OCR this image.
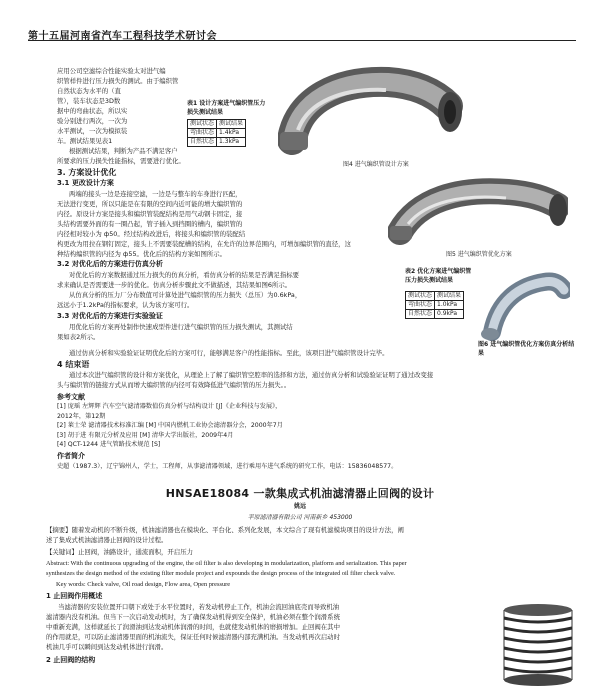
第十五届河南省汽车工程科技学术研讨会
应用公司空滤综合性能实验太对进气编
织管样件进行压力损失的测试。由于编织管
自然状态为水平的（直
管），装车状态是3D数
据中的弯曲状态，所以实
验分别进行两次，一次为
水平测试，一次为模拟装
车。测试结果见表1
根据测试结果，判断为产品不满足客户
所要求的压力损失性能指标，需要进行优化。
表1 设计方案进气编织管压力损失测试结果
测试状态	测试结果
弯曲状态	1.4kPa
自然状态	1.3kPa
图4 进气编织管设计方案
3. 方案设计优化
3.1 更改设计方案
两端的接头一边是连接空滤，一边是与整车的车身进行匹配，
无法进行变更，所以只能是在有限的空间内近可能的增大编织管的
内径。原设计方案是接头和编织管装配结构是用气动钢卡固定，接
头结构需要外面的有一圈凸起，管子插入到挡圈的槽内，编织管的
内径相对较小为 ф50。经过结构改进后，将接头和编织管的装配结
构更改为用拉在钢钉固定，接头上不需要装配槽的结构，在允许的边界范围内，可增加编织管的直径，这
种结构编织管的内径为 ф55。优化后的结构方案如图所示。	图5 进气编织管优化方案
3.2 对优化后的方案进行仿真分析
对优化后的方案数据通过压力损失的仿真分析，看仿真分析的结果是否满足指标要
求来确认是否需要进一步的优化。仿真分析步骤此文不做描述，其结果如图6所示。
从仿真分析的压力厂分布数值可计算处进气编织管的压力损失（总压）为0.6kPa，
远远小于1.2kPa的指标要求，认为该方案可行。
表2 优化方案进气编织管压力损失测试结果
测试状态	测试结果
弯曲状态	1.0kPa
自然状态	0.9kPa
图6 进气编织管优化方案仿真分析结果
3.3 对优化后的方案进行实验验证
用优化后的方案再处制作快速成型件进行进气编织管的压力损失测试，其测试结
果如表2所示。
通过仿真分析和实验验证证明优化后的方案可行，能够满足客户的性能指标。至此，该项目进气编织管设计完毕。
4 结束语
通过本次进气编织管的设计和方案优化，从理论上了解了编织管空腔率的选择和方法，通过仿真分析和试验验证证明了通过改变接
头与编织管的链接方式从而增大编织管的内径可有效降低进气编织管的压力损失。。
参考文献
[1] 庞瑶 左辉辉 汽车空气滤清器数值仿真分析与结构设计 [J]《企业科技与发展》，
2012年，第12期
[2] 莱士荣 滤清器技术标准汇编 [M] 中国内燃机工业协会滤清器分会，2000年7月
[3] 胡于进 有限元分析及应用 [M] 清华大学出版社，2009年4月
[4] QCT-1244 进气管路技术规范 [S]
作者简介
史超（1987.3），辽宁锦州人，学士，工程师，从事滤清器领域，进行乘用车进气系统的研究工作，电话：15836048577。
HNSAE18084 一款集成式机油滤清器止回阀的设计
姚远
平原滤清器有限公司 河南新乡 453000
【摘要】随着发动机的不断升级，机油滤清器也在模块化、平台化、系列化发展，本文综合了现有机滤模块项目的设计方法，阐
述了集成式机油滤清器止回阀的设计过程。
【关键词】止回阀，油路设计，通流面积，开启压力
Abstract: With the continuous upgrading of the engine, the oil filter is also developing in modularization, platform and serialization. This paper
synthesizes the design method of the existing filter module project and expounds the design process of the integrated oil filter check valve.
Key words: Check valve, Oil road design, Flow area, Open pressure
1 止回阀作用概述
当滤清器的安装位置开口朝下或处于水平位置时，若发动机停止工作，机油会流回油底壳而导致机油
滤清器内没有机油。但当下一次启动发动机时，为了确保发动机得到安全保护，机油必须在整个润滑系统
中重新充满，这样就延长了润滑油到达发动机体润滑的时间，也就使发动机体的磨损增加。止回阀在其中
的作用就是，可以防止滤清器里面的机油流失，保证任何时候滤清器内部充满机油。当发动机再次启动时
机油几乎可以瞬间到达发动机体进行润滑。
2 止回阀的结构
